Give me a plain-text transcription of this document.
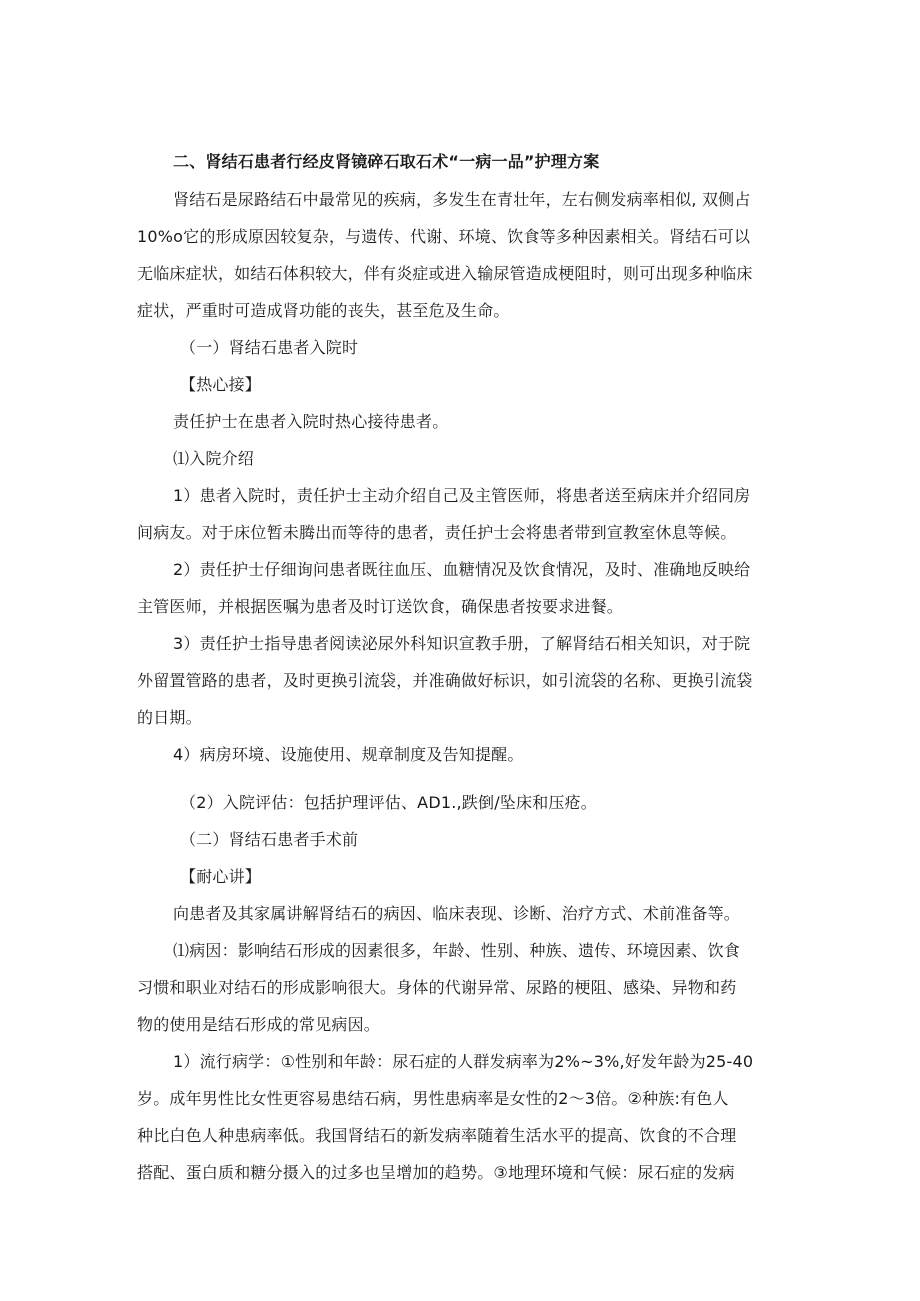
二、肾结石患者行经皮肾镜碎石取石术“一病一品”护理方案

肾结石是尿路结石中最常见的疾病，多发生在青壮年，左右侧发病率相似, 双侧占

10%o它的形成原因较复杂，与遗传、代谢、环境、饮食等多种因素相关。肾结石可以

无临床症状，如结石体积较大，伴有炎症或进入输尿管造成梗阻时，则可出现多种临床

症状，严重时可造成肾功能的丧失，甚至危及生命。

（一）肾结石患者入院时

【热心接】

责任护士在患者入院时热心接待患者。

⑴入院介绍

1）患者入院时，责任护士主动介绍自己及主管医师，将患者送至病床并介绍同房

间病友。对于床位暂未腾出而等待的患者，责任护士会将患者带到宣教室休息等候。

2）责任护士仔细询问患者既往血压、血糖情况及饮食情况，及时、准确地反映给

主管医师，并根据医嘱为患者及时订送饮食，确保患者按要求进餐。

3）责任护士指导患者阅读泌尿外科知识宣教手册，了解肾结石相关知识，对于院

外留置管路的患者，及时更换引流袋，并准确做好标识，如引流袋的名称、更换引流袋

的日期。

4）病房环境、设施使用、规章制度及告知提醒。

（2）入院评估：包括护理评估、AD1.,跌倒/坠床和压疮。

（二）肾结石患者手术前

【耐心讲】

向患者及其家属讲解肾结石的病因、临床表现、诊断、治疗方式、术前准备等。

⑴病因：影响结石形成的因素很多，年龄、性别、种族、遗传、环境因素、饮食

习惯和职业对结石的形成影响很大。身体的代谢异常、尿路的梗阻、感染、异物和药

物的使用是结石形成的常见病因。

1）流行病学：①性别和年龄：尿石症的人群发病率为2%~3%,好发年龄为25-40

岁。成年男性比女性更容易患结石病，男性患病率是女性的2～3倍。②种族:有色人

种比白色人种患病率低。我国肾结石的新发病率随着生活水平的提高、饮食的不合理

搭配、蛋白质和糖分摄入的过多也呈增加的趋势。③地理环境和气候：尿石症的发病
